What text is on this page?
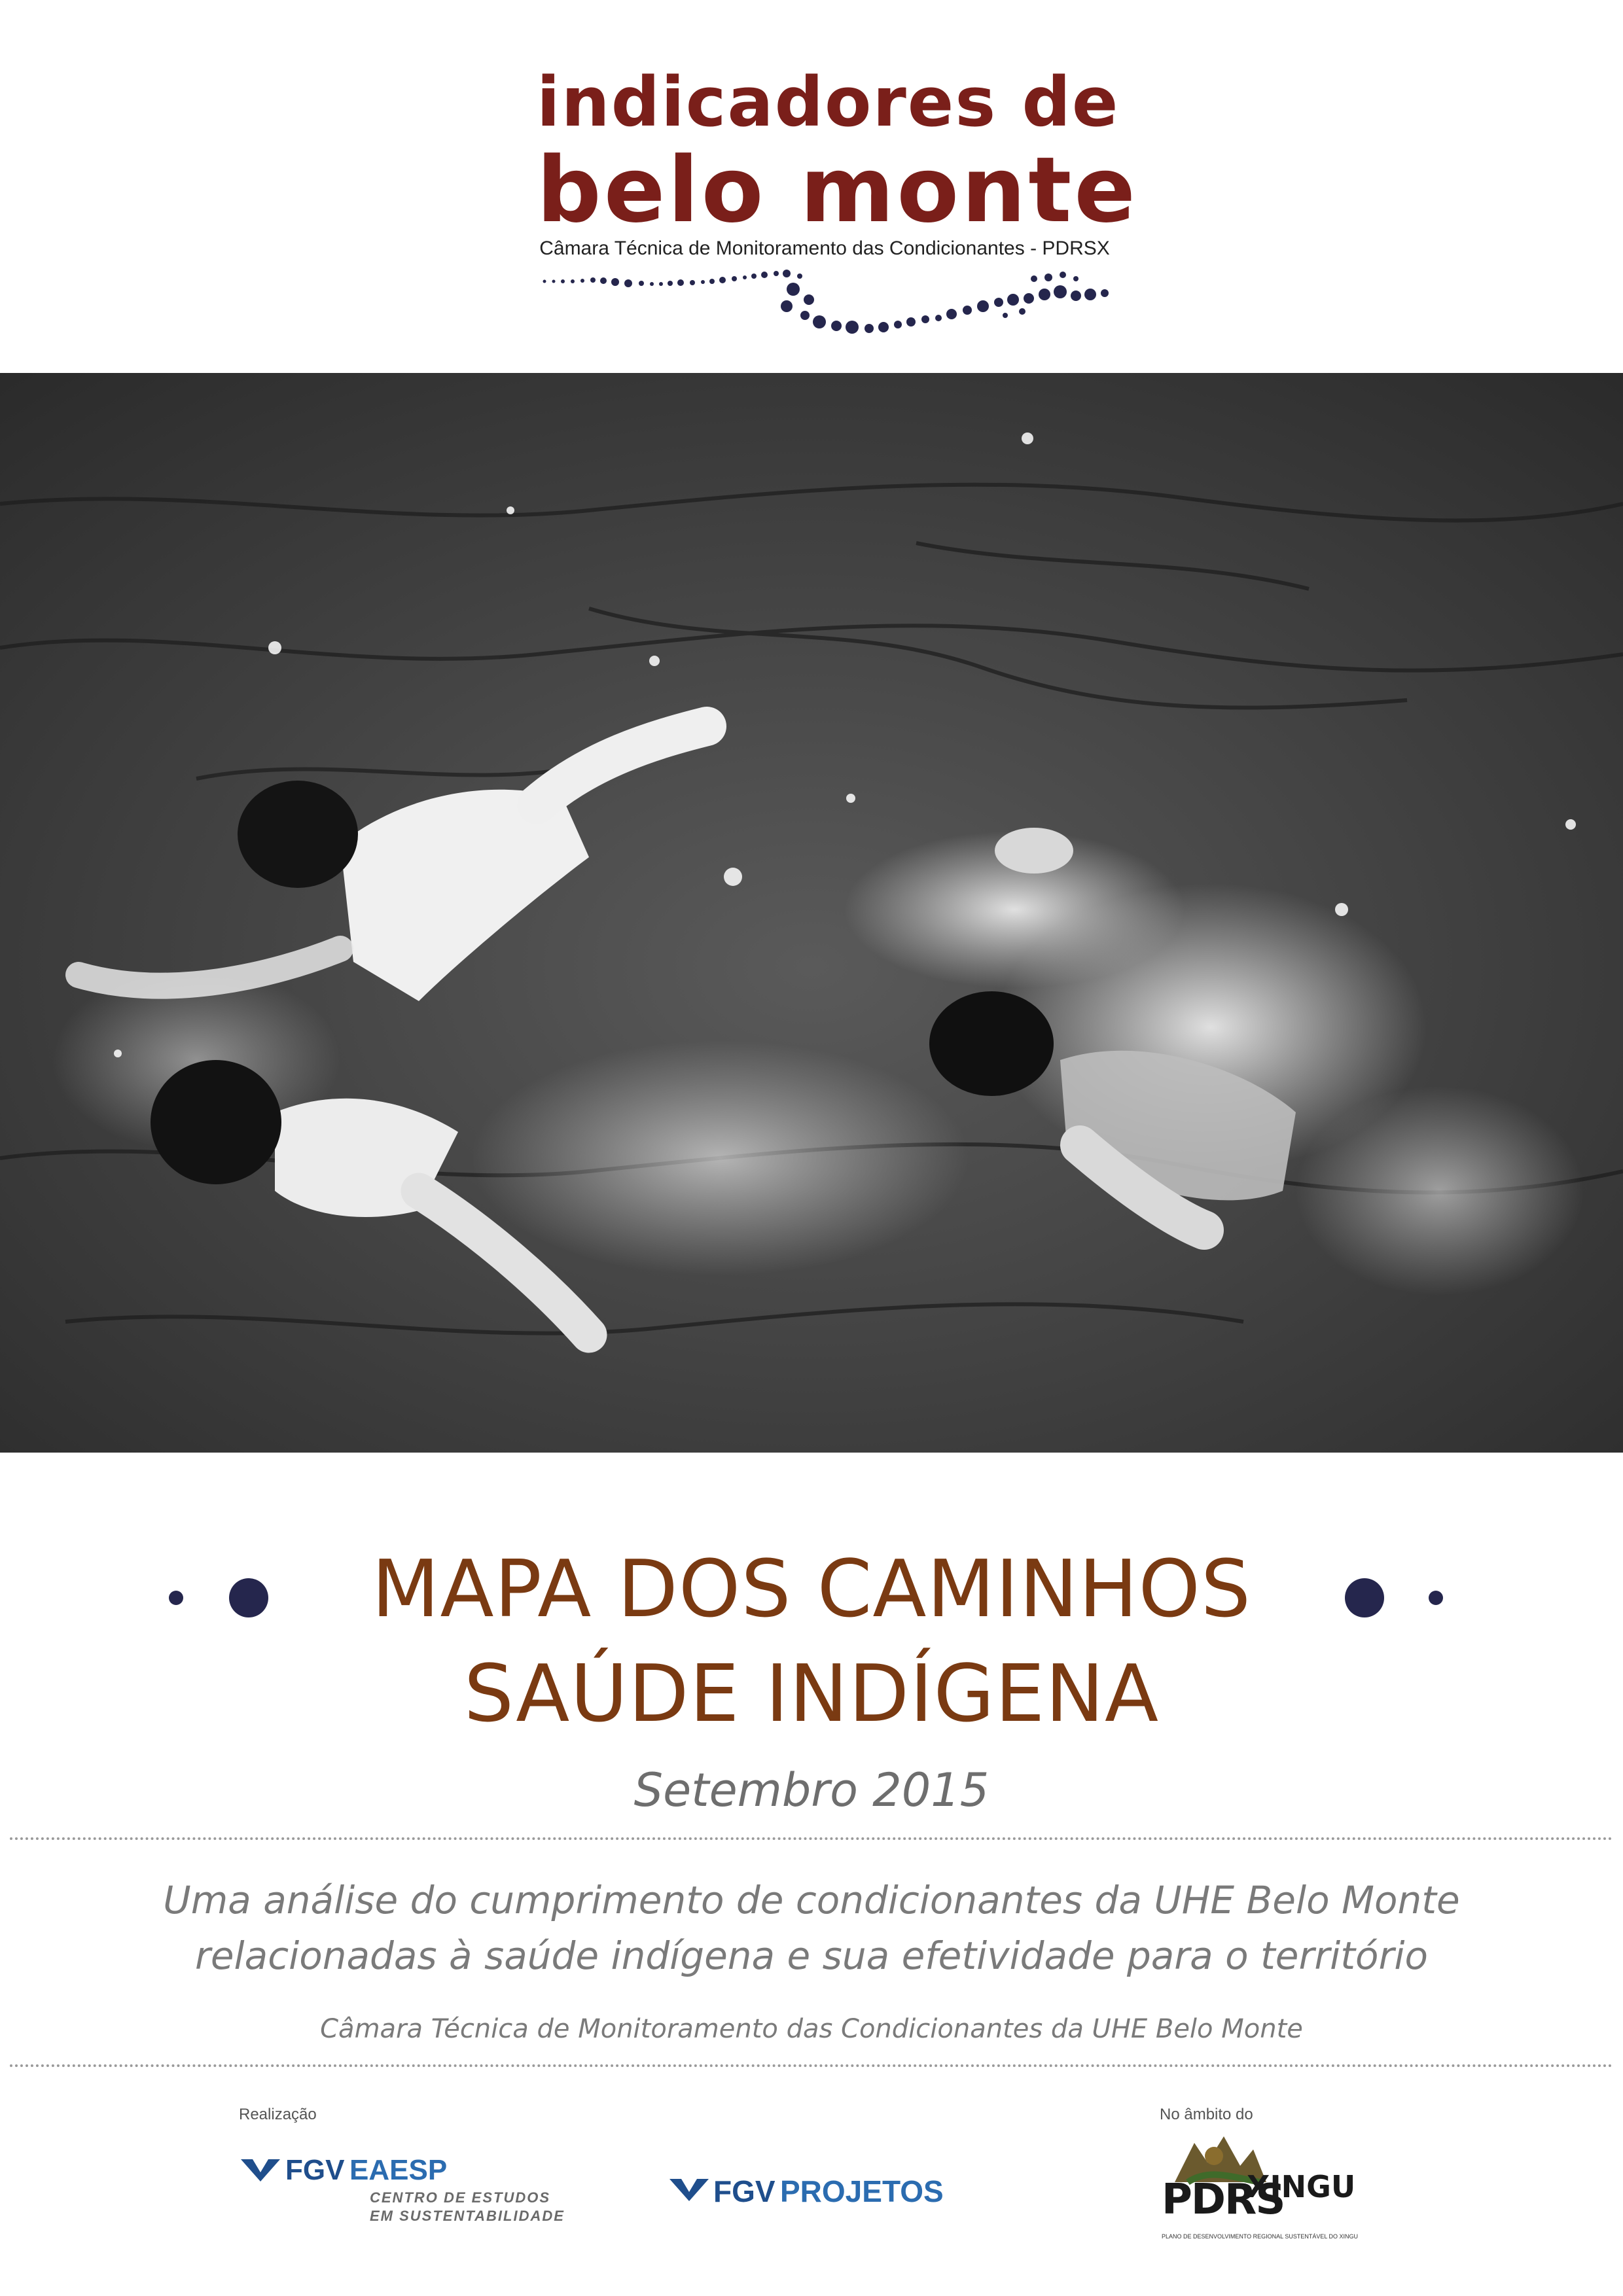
indicadores de
belo monte
Câmara Técnica de Monitoramento das Condicionantes - PDRSX
MAPA DOS CAMINHOS
SAÚDE INDÍGENA
Setembro 2015
Uma análise do cumprimento de condicionantes da UHE Belo Monte
relacionadas à saúde indígena e sua efetividade para o território
Câmara Técnica de Monitoramento das Condicionantes da UHE Belo Monte
Realização
FGV EAESP
CENTRO DE ESTUDOS
EM SUSTENTABILIDADE
FGV PROJETOS
No âmbito do
PDRS
XINGU
PLANO DE DESENVOLVIMENTO REGIONAL SUSTENTÁVEL DO XINGU
